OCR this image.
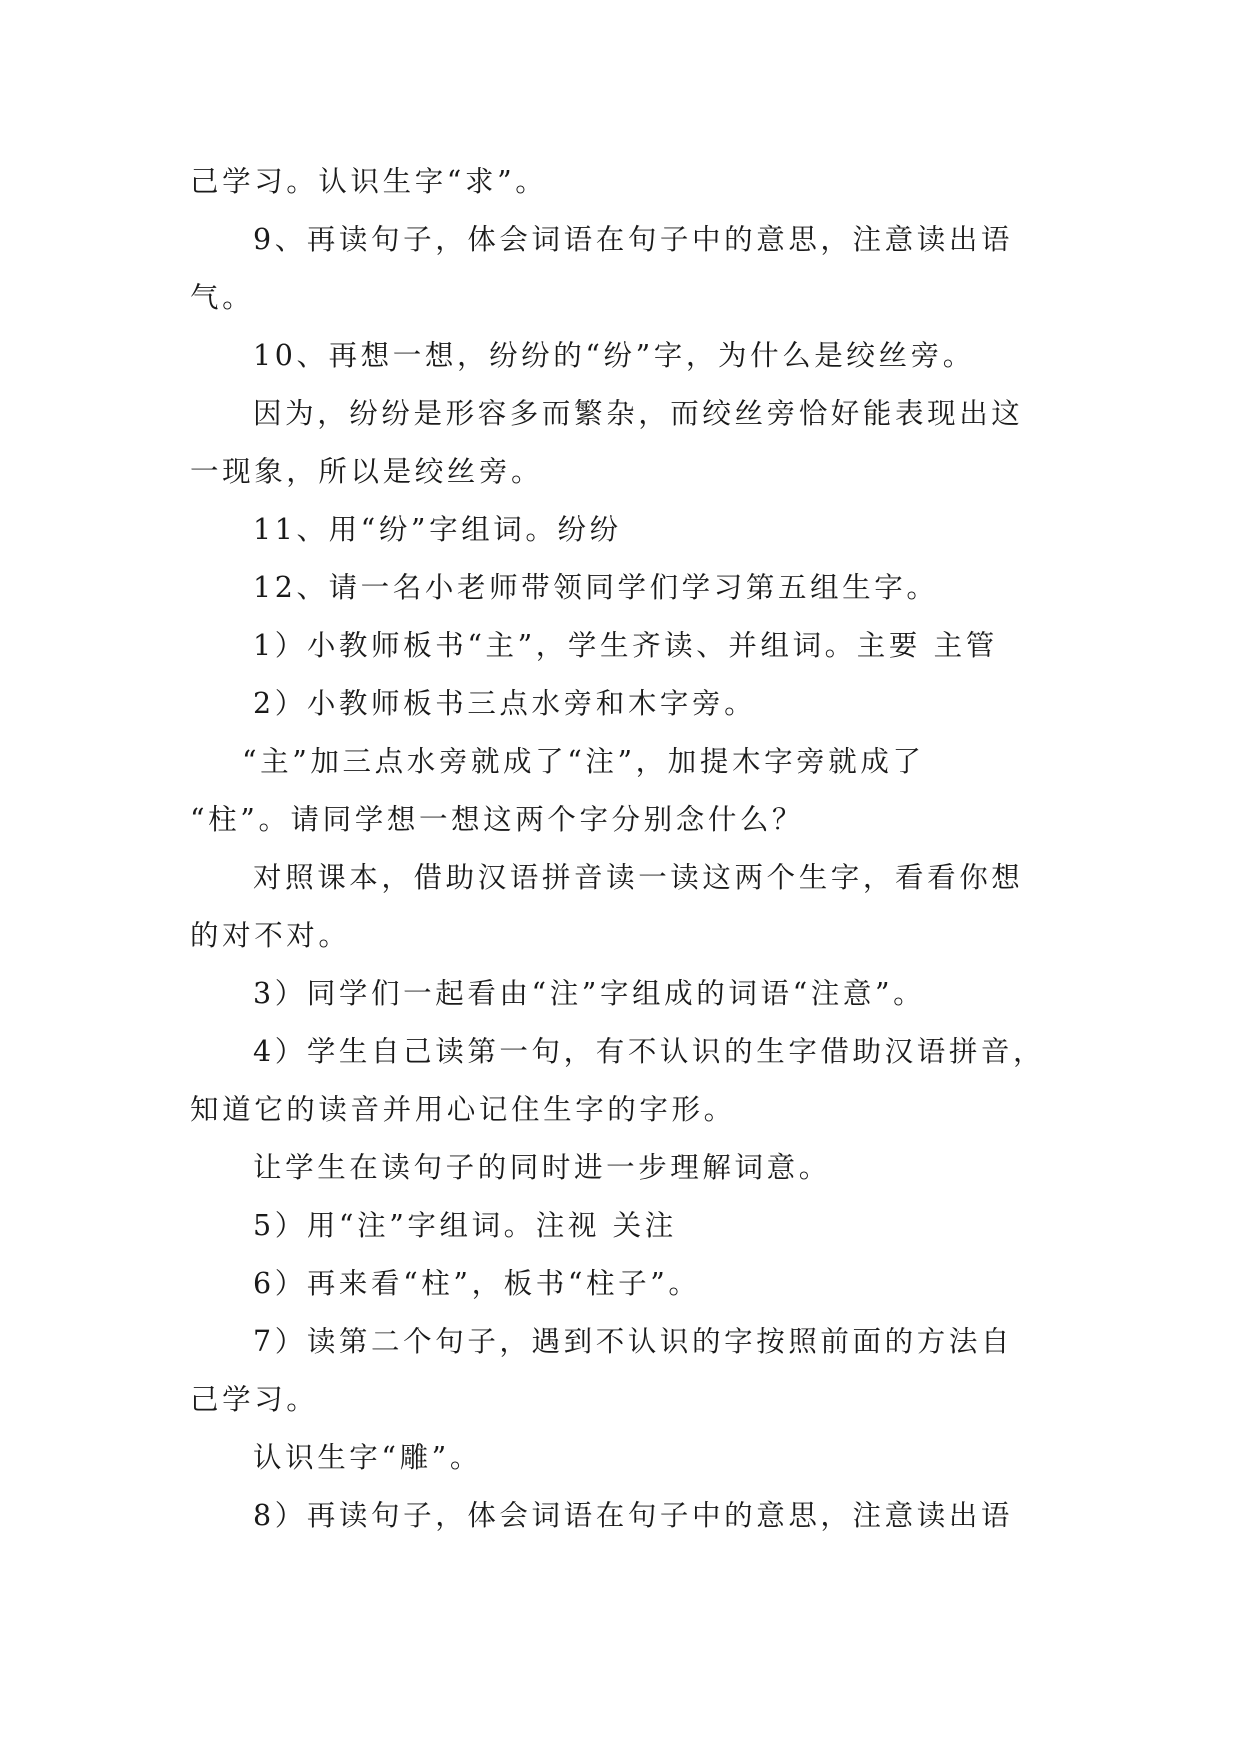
己学习。认识生字“求”。

9、再读句子，体会词语在句子中的意思，注意读出语

气。

10、再想一想，纷纷的“纷”字，为什么是绞丝旁。

因为，纷纷是形容多而繁杂，而绞丝旁恰好能表现出这

一现象，所以是绞丝旁。

11、用“纷”字组词。纷纷

12、请一名小老师带领同学们学习第五组生字。

1）小教师板书“主”，学生齐读、并组词。主要 主管

2）小教师板书三点水旁和木字旁。

“主”加三点水旁就成了“注”，加提木字旁就成了

“柱”。请同学想一想这两个字分别念什么？

对照课本，借助汉语拼音读一读这两个生字，看看你想

的对不对。

3）同学们一起看由“注”字组成的词语“注意”。

4）学生自己读第一句，有不认识的生字借助汉语拼音，

知道它的读音并用心记住生字的字形。

让学生在读句子的同时进一步理解词意。

5）用“注”字组词。注视 关注

6）再来看“柱”，板书“柱子”。

7）读第二个句子，遇到不认识的字按照前面的方法自

己学习。

认识生字“雕”。

8）再读句子，体会词语在句子中的意思，注意读出语
